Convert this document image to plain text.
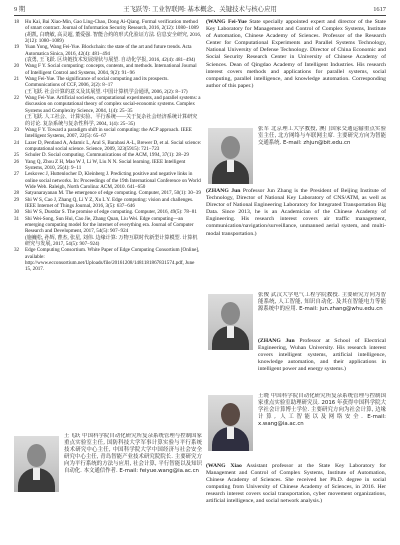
9 期	王飞跃等: 工业智联网: 基本概念、关键技术与核心应用	1617
18	Hu Kai, Bai Xiao-Min, Gao Ling-Chao, Dong Ai-Qiang. Formal verification method of smart contract. Journal of Information Security Research, 2016, 2(12): 1080−1089
(胡凯, 白晓敏, 高灵超, 董爱强. 智能合约的形式化验证方法. 信息安全研究, 2016, 2(12): 1080−1089)
19	Yuan Yong, Wang Fei-Yue. Blockchain: the state of the art and future trends. Acta Automatica Sinica, 2016, 42(4): 481−494
(袁勇, 王飞跃. 区块链技术发展现状与展望. 自动化学报, 2016, 42(4): 481−494)
20	Wang F Y. Social computing: concepts, contents, and methods. International Journal of Intelligent Control and Systems, 2004, 9(2): 91−96
21	Wang Fei-Yue. The significance of social computing and its prospects. Communications of CCF, 2006, 2(2): 8−17
(王飞跃. 社会计算的意义及其展望. 中国计算机学会通讯, 2006, 2(2): 8−17)
22	Wang Fei-Yue. Artificial societies, computational experiments, and parallel systems: a discussion on computational theory of complex social-economic systems. Complex Systems and Complexity Science, 2004, 1(4): 25−35
(王飞跃. 人工社会、计算实验、平行系统——关于复杂社会经济系统计算研究的讨论. 复杂系统与复杂性科学, 2004, 1(4): 25−35)
23	Wang F Y. Toward a paradigm shift in social computing: the ACP approach. IEEE Intelligent Systems, 2007, 22(5): 65−67
24	Lazer D, Pentland A, Adamic L, Aral S, Barabasi A-L, Brewer D, et al. Social science: computational social science. Science, 2009, 323(5915): 721−723
25	Schuler D. Social computing. Communications of the ACM, 1994, 37(1): 28−29
26	Yang Q, Zhou Z H, Mao W J, Li W, Liu N N. Social learning. IEEE Intelligent Systems, 2010, 25(4): 9−11
27	Leskovec J, Huttenlocher D, Kleinberg J. Predicting positive and negative links in online social networks. In: Proceedings of the 19th International Conference on World Wide Web. Raleigh, North Carolina: ACM, 2010. 641−650
28	Satyanarayanan M. The emergence of edge computing. Computer, 2017, 50(1): 30−39
29	Shi W S, Cao J, Zhang Q, Li Y Z, Xu L Y. Edge computing: vision and challenges. IEEE Internet of Things Journal, 2016, 3(5): 637−646
30	Shi W S, Dustdar S. The promise of edge computing. Computer, 2016, 49(5): 78−81
31	Shi Wei-Song, Sun Hui, Cao Jie, Zhang Quan, Liu Wei. Edge computing—an emerging computing model for the internet of everything era. Journal of Computer Research and Development, 2017, 54(5): 907−924
(施巍松, 孙辉, 曹杰, 张星, 刘伟. 边缘计算: 万物互联时代新型计算模型. 计算机研究与发展, 2017, 54(5): 907−924)
32	Edge Computing Consortium. White Paper of Edge Computing Consortium [Online], available: http://www.ecconsortium.net/Uploads/file/20161208/1481181867831574.pdf, June 15, 2017.
王飞跃 中国科学院自动化研究所复杂系统管理与控制国家重点实验室主任, 国防科技大学军事计算实验与平行系统技术研究中心主任, 中国科学院大学中国经济与社会安全研究中心主任, 青岛智能产业技术研究院院长. 主要研究方向为平行系统的方法与应用, 社会计算, 平行智能以及知识自动化. 本文通信作者. E-mail: feiyue.wang@ia.ac.cn
(WANG Fei-Yue State specially appointed expert and director of the State Key Laboratory for Management and Control of Complex Systems, Institute of Automation, Chinese Academy of Sciences. Professor of the Research Center for Computational Experiments and Parallel Systems Technology, National University of Defense Technology. Director of China Economic and Social Security Research Center in University of Chinese Academy of Sciences. Dean of Qingdao Academy of Intelligent Industries. His research interest covers methods and applications for parallel systems, social computing, parallel intelligence, and knowledge automation. Corresponding author of this paper.)
张军 北京理工大学教授, 澳门国家交通运输重点实验室主任, 北方网络与车联网主席. 主要研究方向为智能交通系统. E-mail: zhjun@bit.edu.cn
(ZHANG Jun Professor Jun Zhang is the President of Beijing Institute of Technology, Director of National Key Laboratory of CNS/ATM, as well as Director of National Engineering Laboratory for Integrated Transportation Big Data. Since 2013, he is an Academician of the Chinese Academy of Engineering. His research interest covers air traffic management, communication/navigation/surveillance, unmanned aerial system, and multi-modal transportation.)
张俊 武汉大学电气工程学院教授. 主要研究方向为智能系统, 人工智能, 知识自动化. 及其在智能电力等能源系统中的应用. E-mail: jun.zhang@whu.edu.cn
(ZHANG Jun Professor at School of Electrical Engineering, Wuhan University. His research interest covers intelligent systems, artificial intelligence, knowledge automation, and their applications in intelligent power and energy systems.)
王晓 中国科学院自动化研究所复杂系统管理与控制国家重点实验室助理研究员. 2016 年获得中国科学院大学社会计算博士学位. 主要研究方向为社会计算, 边缘计算, 人工智能以及网络安全. E-mail: x.wang@ia.ac.cn
(WANG Xiao Assistant professor at the State Key Laboratory for Management and Control of Complex Systems, Institute of Automation, Chinese Academy of Sciences. She received her Ph.D. degree in social computing from University of Chinese Academy of Sciences, in 2016. Her research interest covers social transportation, cyber movement organizations, artificial intelligence, and social network analysis.)
